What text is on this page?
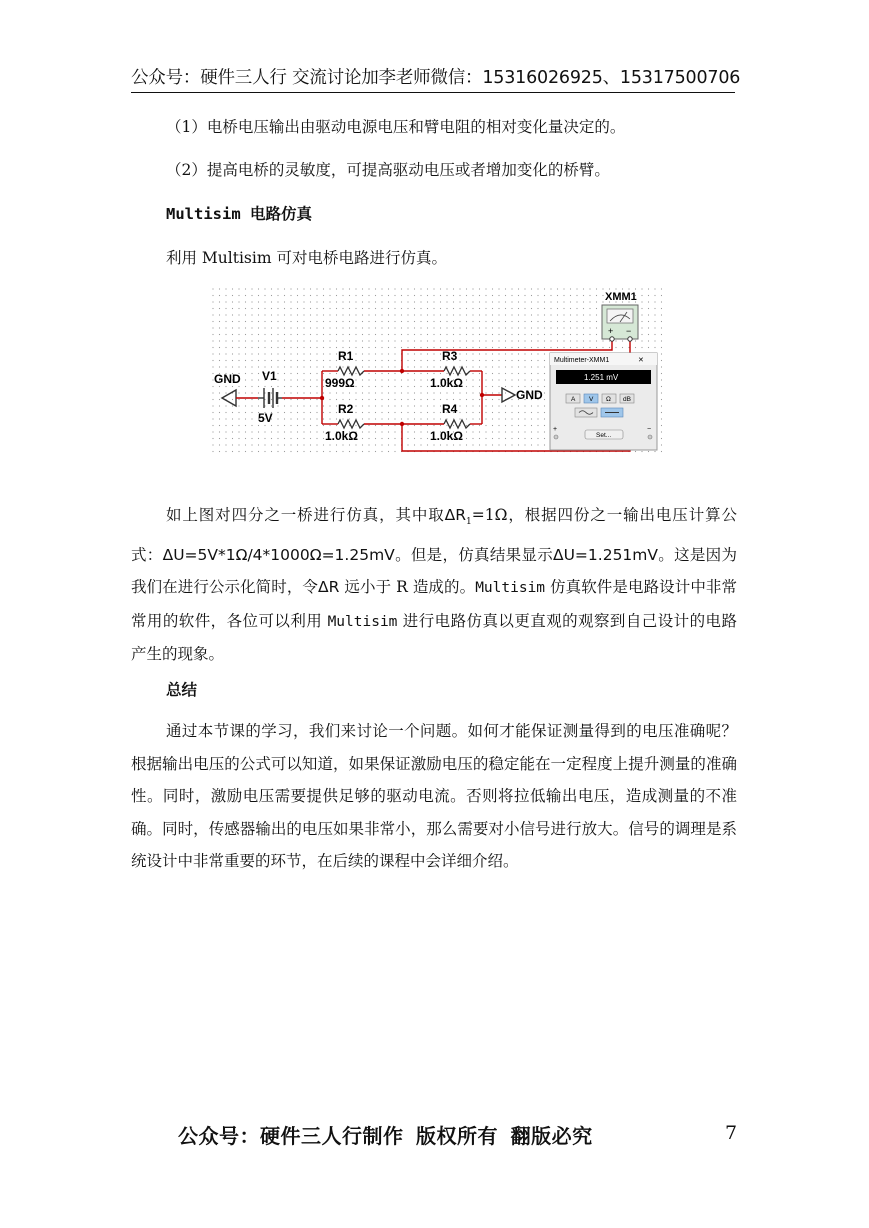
公众号：硬件三人行 交流讨论加李老师微信：15316026925、15317500706
（1）电桥电压输出由驱动电源电压和臂电阻的相对变化量决定的。
（2）提高电桥的灵敏度，可提高驱动电压或者增加变化的桥臂。
Multisim 电路仿真
利用 Multisim 可对电桥电路进行仿真。
GND V1
5V
R1
999Ω
R2
1.0kΩ
R3
1.0kΩ
R4
1.0kΩ
GND
XMM1
+ −
Multimeter-XMM1	✕
1.251 mV
A V Ω dB
+	−
Set...
如上图对四分之一桥进行仿真，其中取$\Delta R_1=1\Omega$，根据四份之一输出电压计算公式：ΔU=5V*1Ω/4*1000Ω=1.25mV。但是，仿真结果显示ΔU=1.251mV。这是因为我们在进行公示化简时，令ΔR 远小于 R 造成的。Multisim 仿真软件是电路设计中非常常用的软件，各位可以利用 Multisim 进行电路仿真以更直观的观察到自己设计的电路产生的现象。
总结
通过本节课的学习，我们来讨论一个问题。如何才能保证测量得到的电压准确呢？根据输出电压的公式可以知道，如果保证激励电压的稳定能在一定程度上提升测量的准确性。同时，激励电压需要提供足够的驱动电流。否则将拉低输出电压，造成测量的不准确。同时，传感器输出的电压如果非常小，那么需要对小信号进行放大。信号的调理是系统设计中非常重要的环节，在后续的课程中会详细介绍。
公众号：硬件三人行制作 版权所有 翻版必究	7
